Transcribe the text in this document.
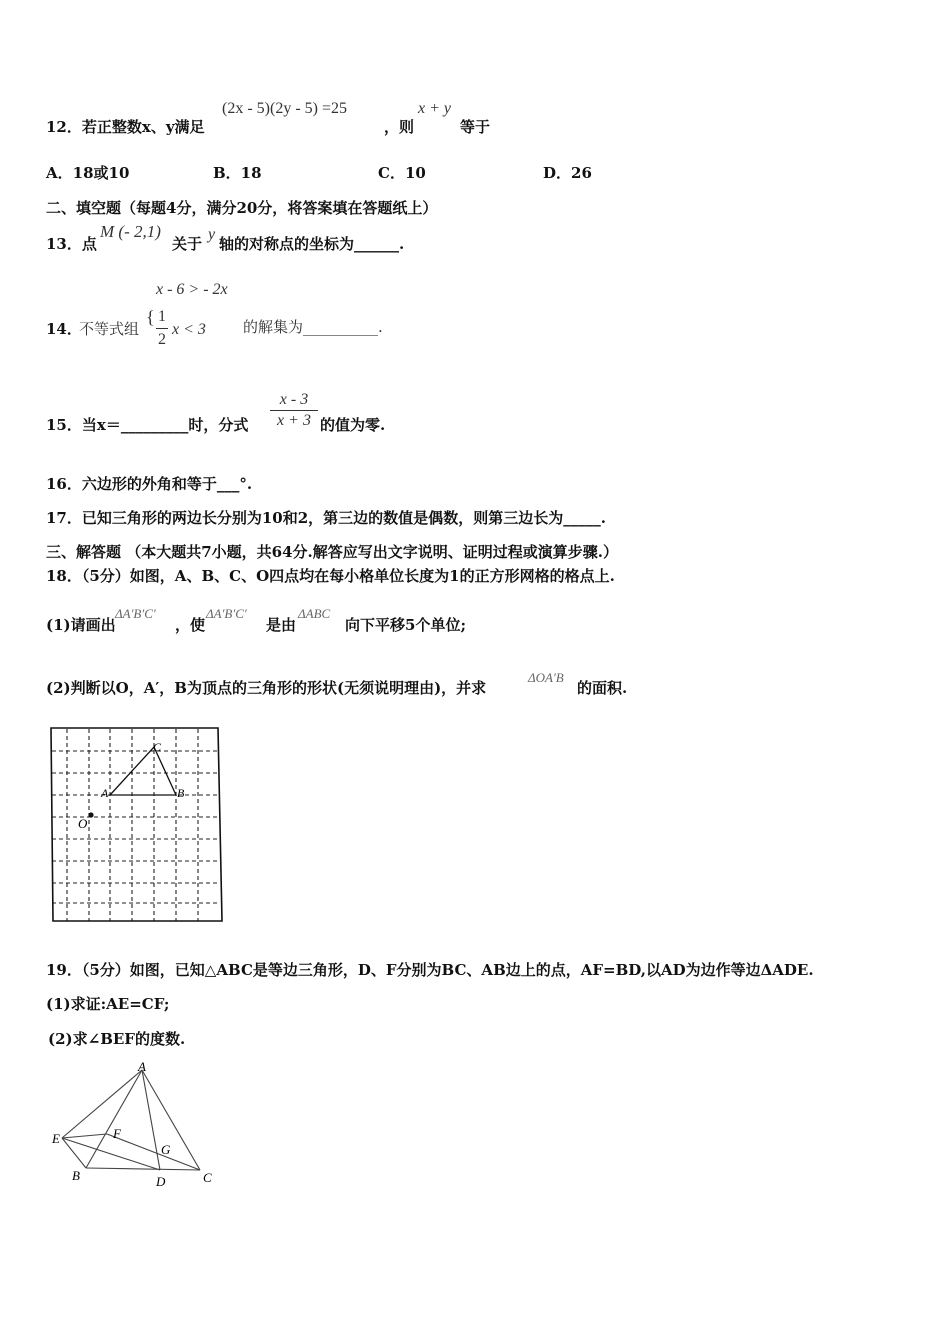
12．若正整数x、y满足
(2x - 5)(2y - 5) =25
，则
x + y
等于
A．18或10	B．18	C．10	D．26
二、填空题（每题4分，满分20分，将答案填在答题纸上）
13．点
M (- 2,1)
关于
y
轴的对称点的坐标为______.
14．
不等式组
x - 6 > - 2x
{ 1
2
x < 3 的解集为__________.
15．当x＝_________时，分式
x - 3
x + 3 的值为零.
16．六边形的外角和等于___°.
17．已知三角形的两边长分别为10和2，第三边的数值是偶数，则第三边长为_____.
三、解答题 （本大题共7小题，共64分.解答应写出文字说明、证明过程或演算步骤.）
18．（5分）如图，A、B、C、O四点均在每小格单位长度为1的正方形网格的格点上.
(1)请画出
ΔA′B′C′
，使
ΔA′B′C′
是由
ΔABC
向下平移5个单位;
(2)判断以O，A′，B为顶点的三角形的形状(无须说明理由)，并求
ΔOA′B
的面积.
A	B
C
O
19．（5分）如图，已知△ABC是等边三角形，D、F分别为BC、AB边上的点，AF=BD,以AD为边作等边ΔADE.
(1)求证:AE=CF;
(2)求∠BEF的度数.
A
B	C
D
E	F
G
